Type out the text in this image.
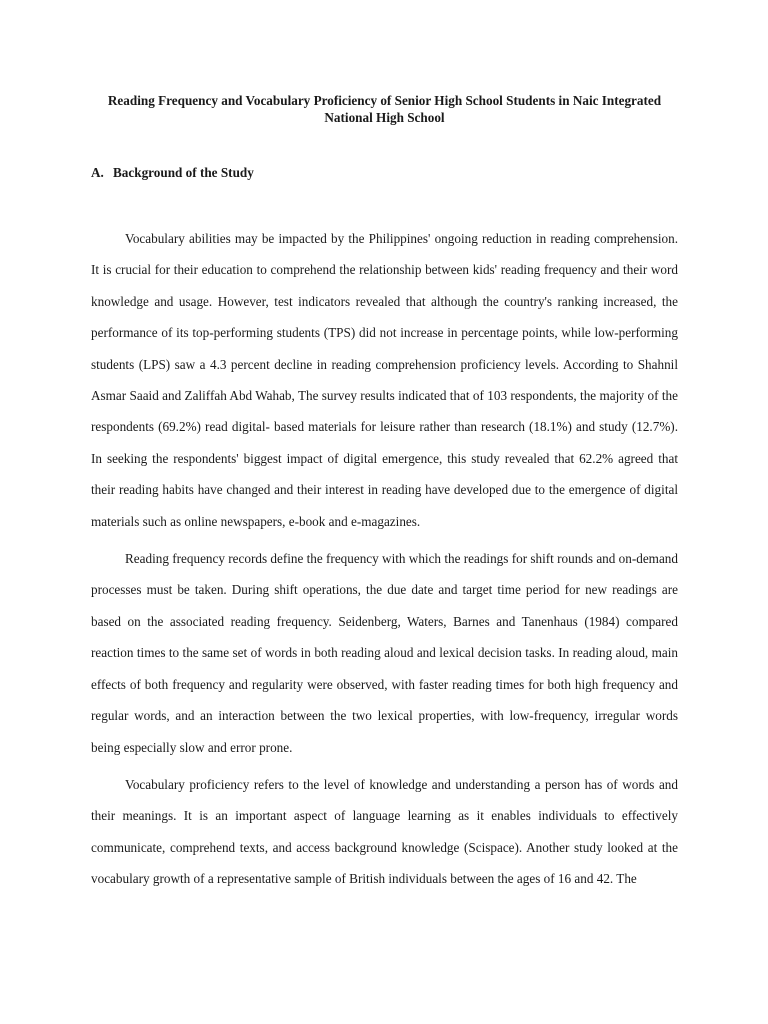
Reading Frequency and Vocabulary Proficiency of Senior High School Students in Naic Integrated
National High School
A. Background of the Study

Vocabulary abilities may be impacted by the Philippines' ongoing reduction in reading comprehension. It is crucial for their education to comprehend the relationship between kids' reading frequency and their word knowledge and usage. However, test indicators revealed that although the country's ranking increased, the performance of its top-performing students (TPS) did not increase in percentage points, while low-performing students (LPS) saw a 4.3 percent decline in reading comprehension proficiency levels. According to Shahnil Asmar Saaid and Zaliffah Abd Wahab, The survey results indicated that of 103 respondents, the majority of the respondents (69.2%) read digital- based materials for leisure rather than research (18.1%) and study (12.7%). In seeking the respondents' biggest impact of digital emergence, this study revealed that 62.2% agreed that their reading habits have changed and their interest in reading have developed due to the emergence of digital materials such as online newspapers, e-book and e-magazines.

Reading frequency records define the frequency with which the readings for shift rounds and on-demand processes must be taken. During shift operations, the due date and target time period for new readings are based on the associated reading frequency. Seidenberg, Waters, Barnes and Tanenhaus (1984) compared reaction times to the same set of words in both reading aloud and lexical decision tasks. In reading aloud, main effects of both frequency and regularity were observed, with faster reading times for both high frequency and regular words, and an interaction between the two lexical properties, with low-frequency, irregular words being especially slow and error prone.

Vocabulary proficiency refers to the level of knowledge and understanding a person has of words and their meanings. It is an important aspect of language learning as it enables individuals to effectively communicate, comprehend texts, and access background knowledge (Scispace). Another study looked at the vocabulary growth of a representative sample of British individuals between the ages of 16 and 42. The
